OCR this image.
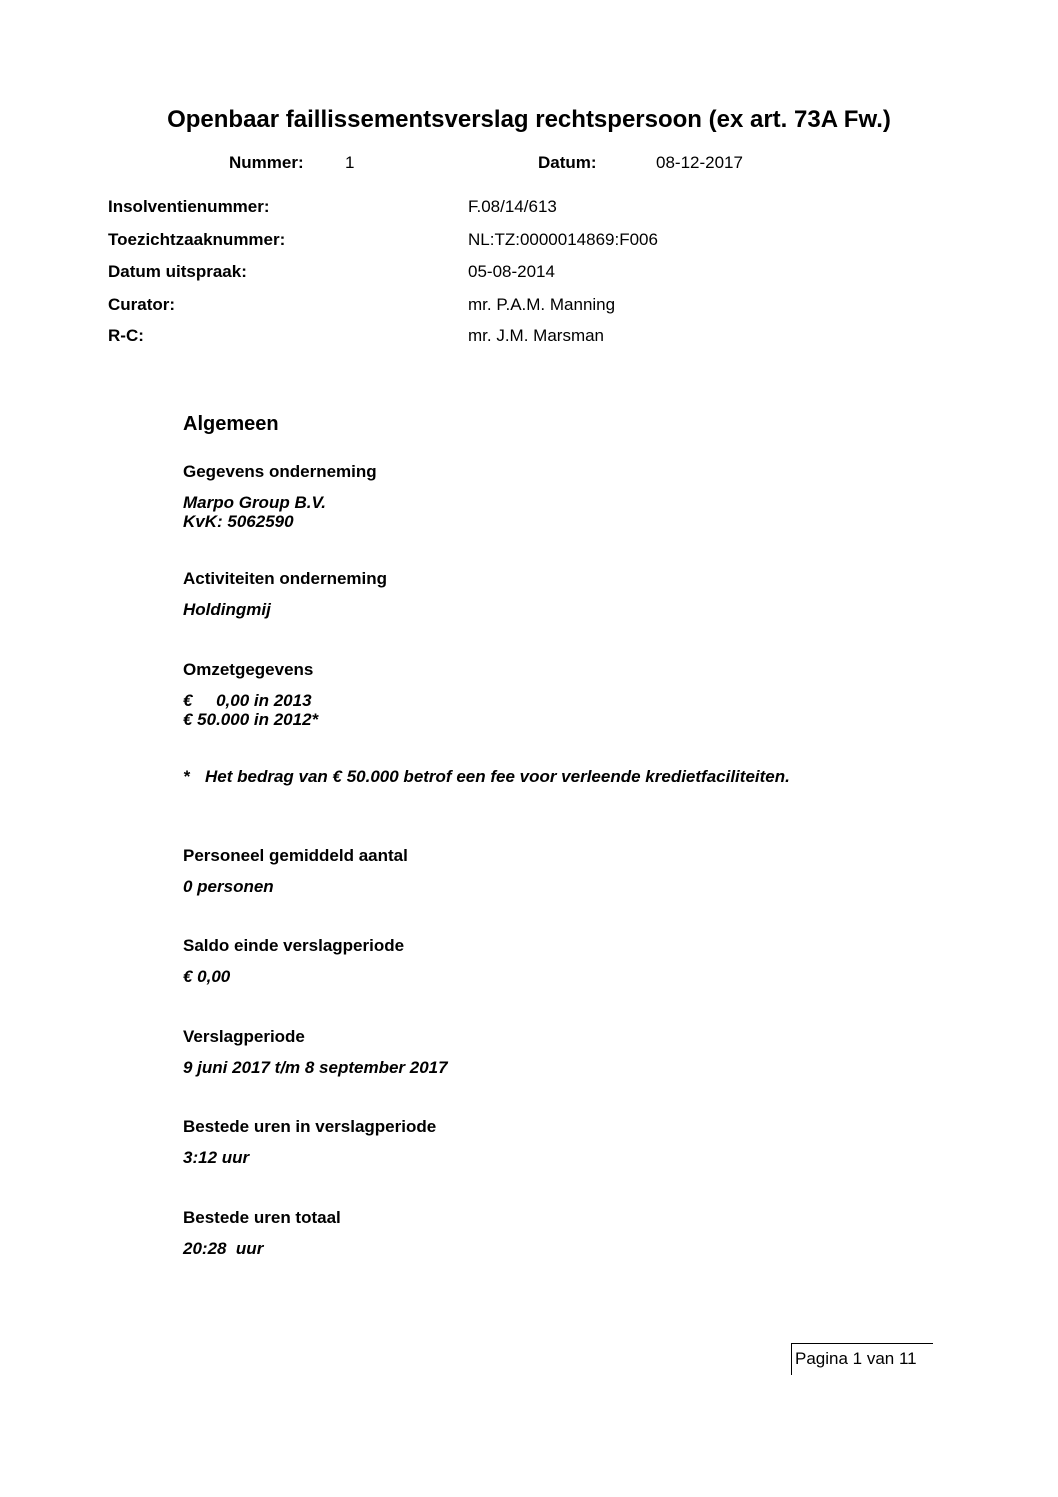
Openbaar faillissementsverslag rechtspersoon (ex art. 73A Fw.)
Nummer: 1	Datum:	08-12-2017
Insolventienummer:	F.08/14/613
Toezichtzaaknummer:	NL:TZ:0000014869:F006
Datum uitspraak:	05-08-2014
Curator:	mr. P.A.M. Manning
R-C:	mr. J.M. Marsman
Algemeen
Gegevens onderneming
Marpo Group B.V.
KvK: 5062590
Activiteiten onderneming
Holdingmij
Omzetgegevens
€     0,00 in 2013
€ 50.000 in 2012*
* Het bedrag van € 50.000 betrof een fee voor verleende kredietfaciliteiten.
Personeel gemiddeld aantal
0 personen
Saldo einde verslagperiode
€ 0,00
Verslagperiode
9 juni 2017 t/m 8 september 2017
Bestede uren in verslagperiode
3:12 uur
Bestede uren totaal
20:28  uur
Pagina 1 van 11
